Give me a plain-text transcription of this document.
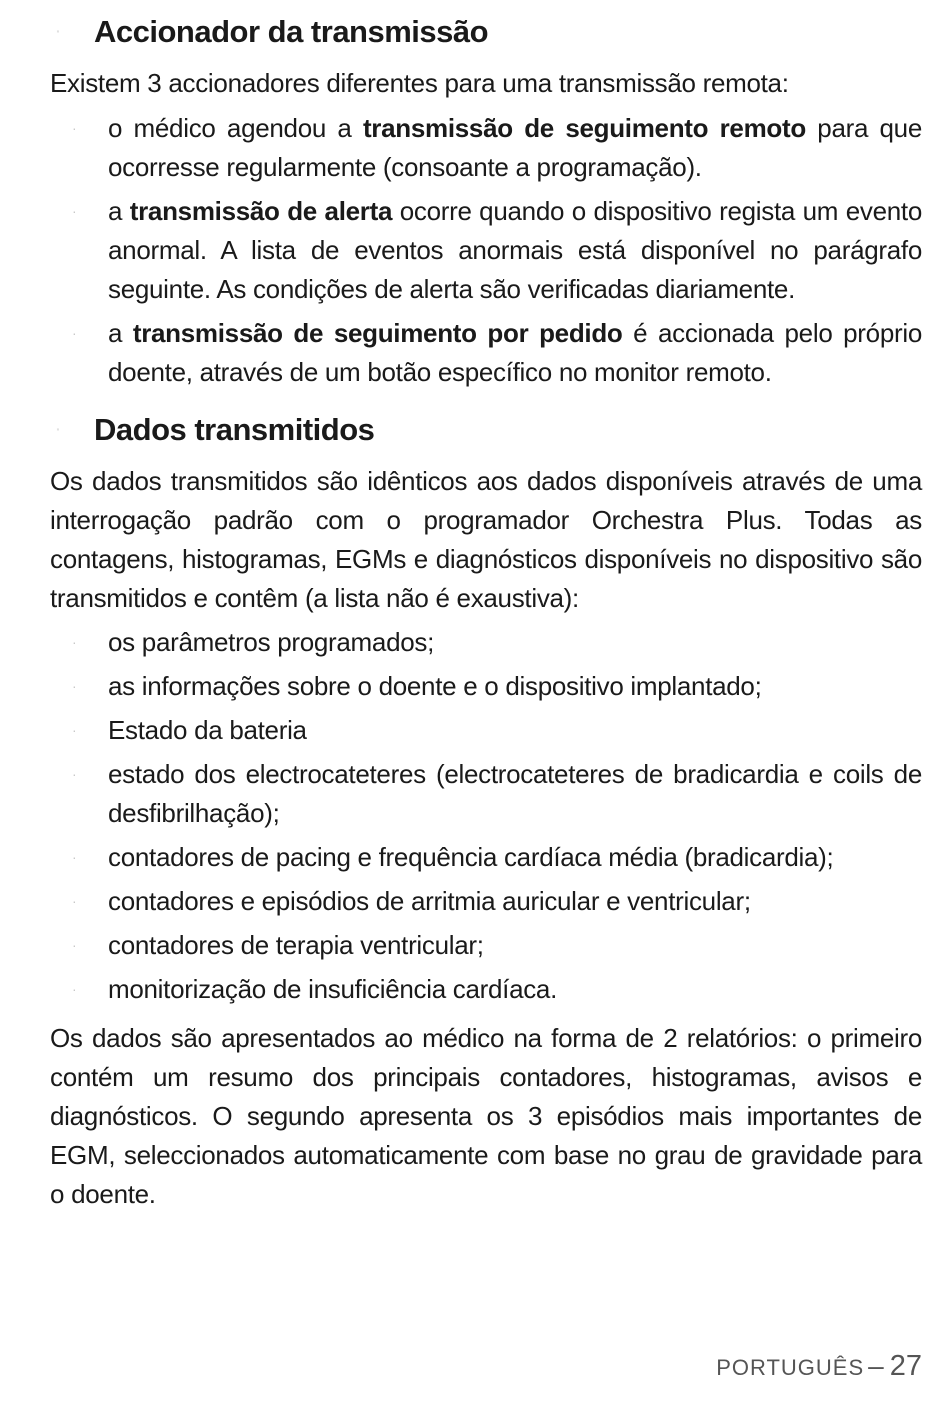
· Accionador da transmissão

Existem 3 accionadores diferentes para uma transmissão remota:

· o médico agendou a transmissão de seguimento remoto para que ocorresse regularmente (consoante a programação).
· a transmissão de alerta ocorre quando o dispositivo regista um evento anormal. A lista de eventos anormais está disponível no parágrafo seguinte. As condições de alerta são verificadas diariamente.
· a transmissão de seguimento por pedido é accionada pelo próprio doente, através de um botão específico no monitor remoto.
· Dados transmitidos

Os dados transmitidos são idênticos aos dados disponíveis através de uma interrogação padrão com o programador Orchestra Plus. Todas as contagens, histogramas, EGMs e diagnósticos disponíveis no dispositivo são transmitidos e contêm (a lista não é exaustiva):

· os parâmetros programados;
· as informações sobre o doente e o dispositivo implantado;
· Estado da bateria
· estado dos electrocateteres (electrocateteres de bradicardia e coils de desfibrilhação);
· contadores de pacing e frequência cardíaca média (bradicardia);
· contadores e episódios de arritmia auricular e ventricular;
· contadores de terapia ventricular;
· monitorização de insuficiência cardíaca.

Os dados são apresentados ao médico na forma de 2 relatórios: o primeiro contém um resumo dos principais contadores, histogramas, avisos e diagnósticos. O segundo apresenta os 3 episódios mais importantes de EGM, seleccionados automaticamente com base no grau de gravidade para o doente.

PORTUGUÊS – 27
